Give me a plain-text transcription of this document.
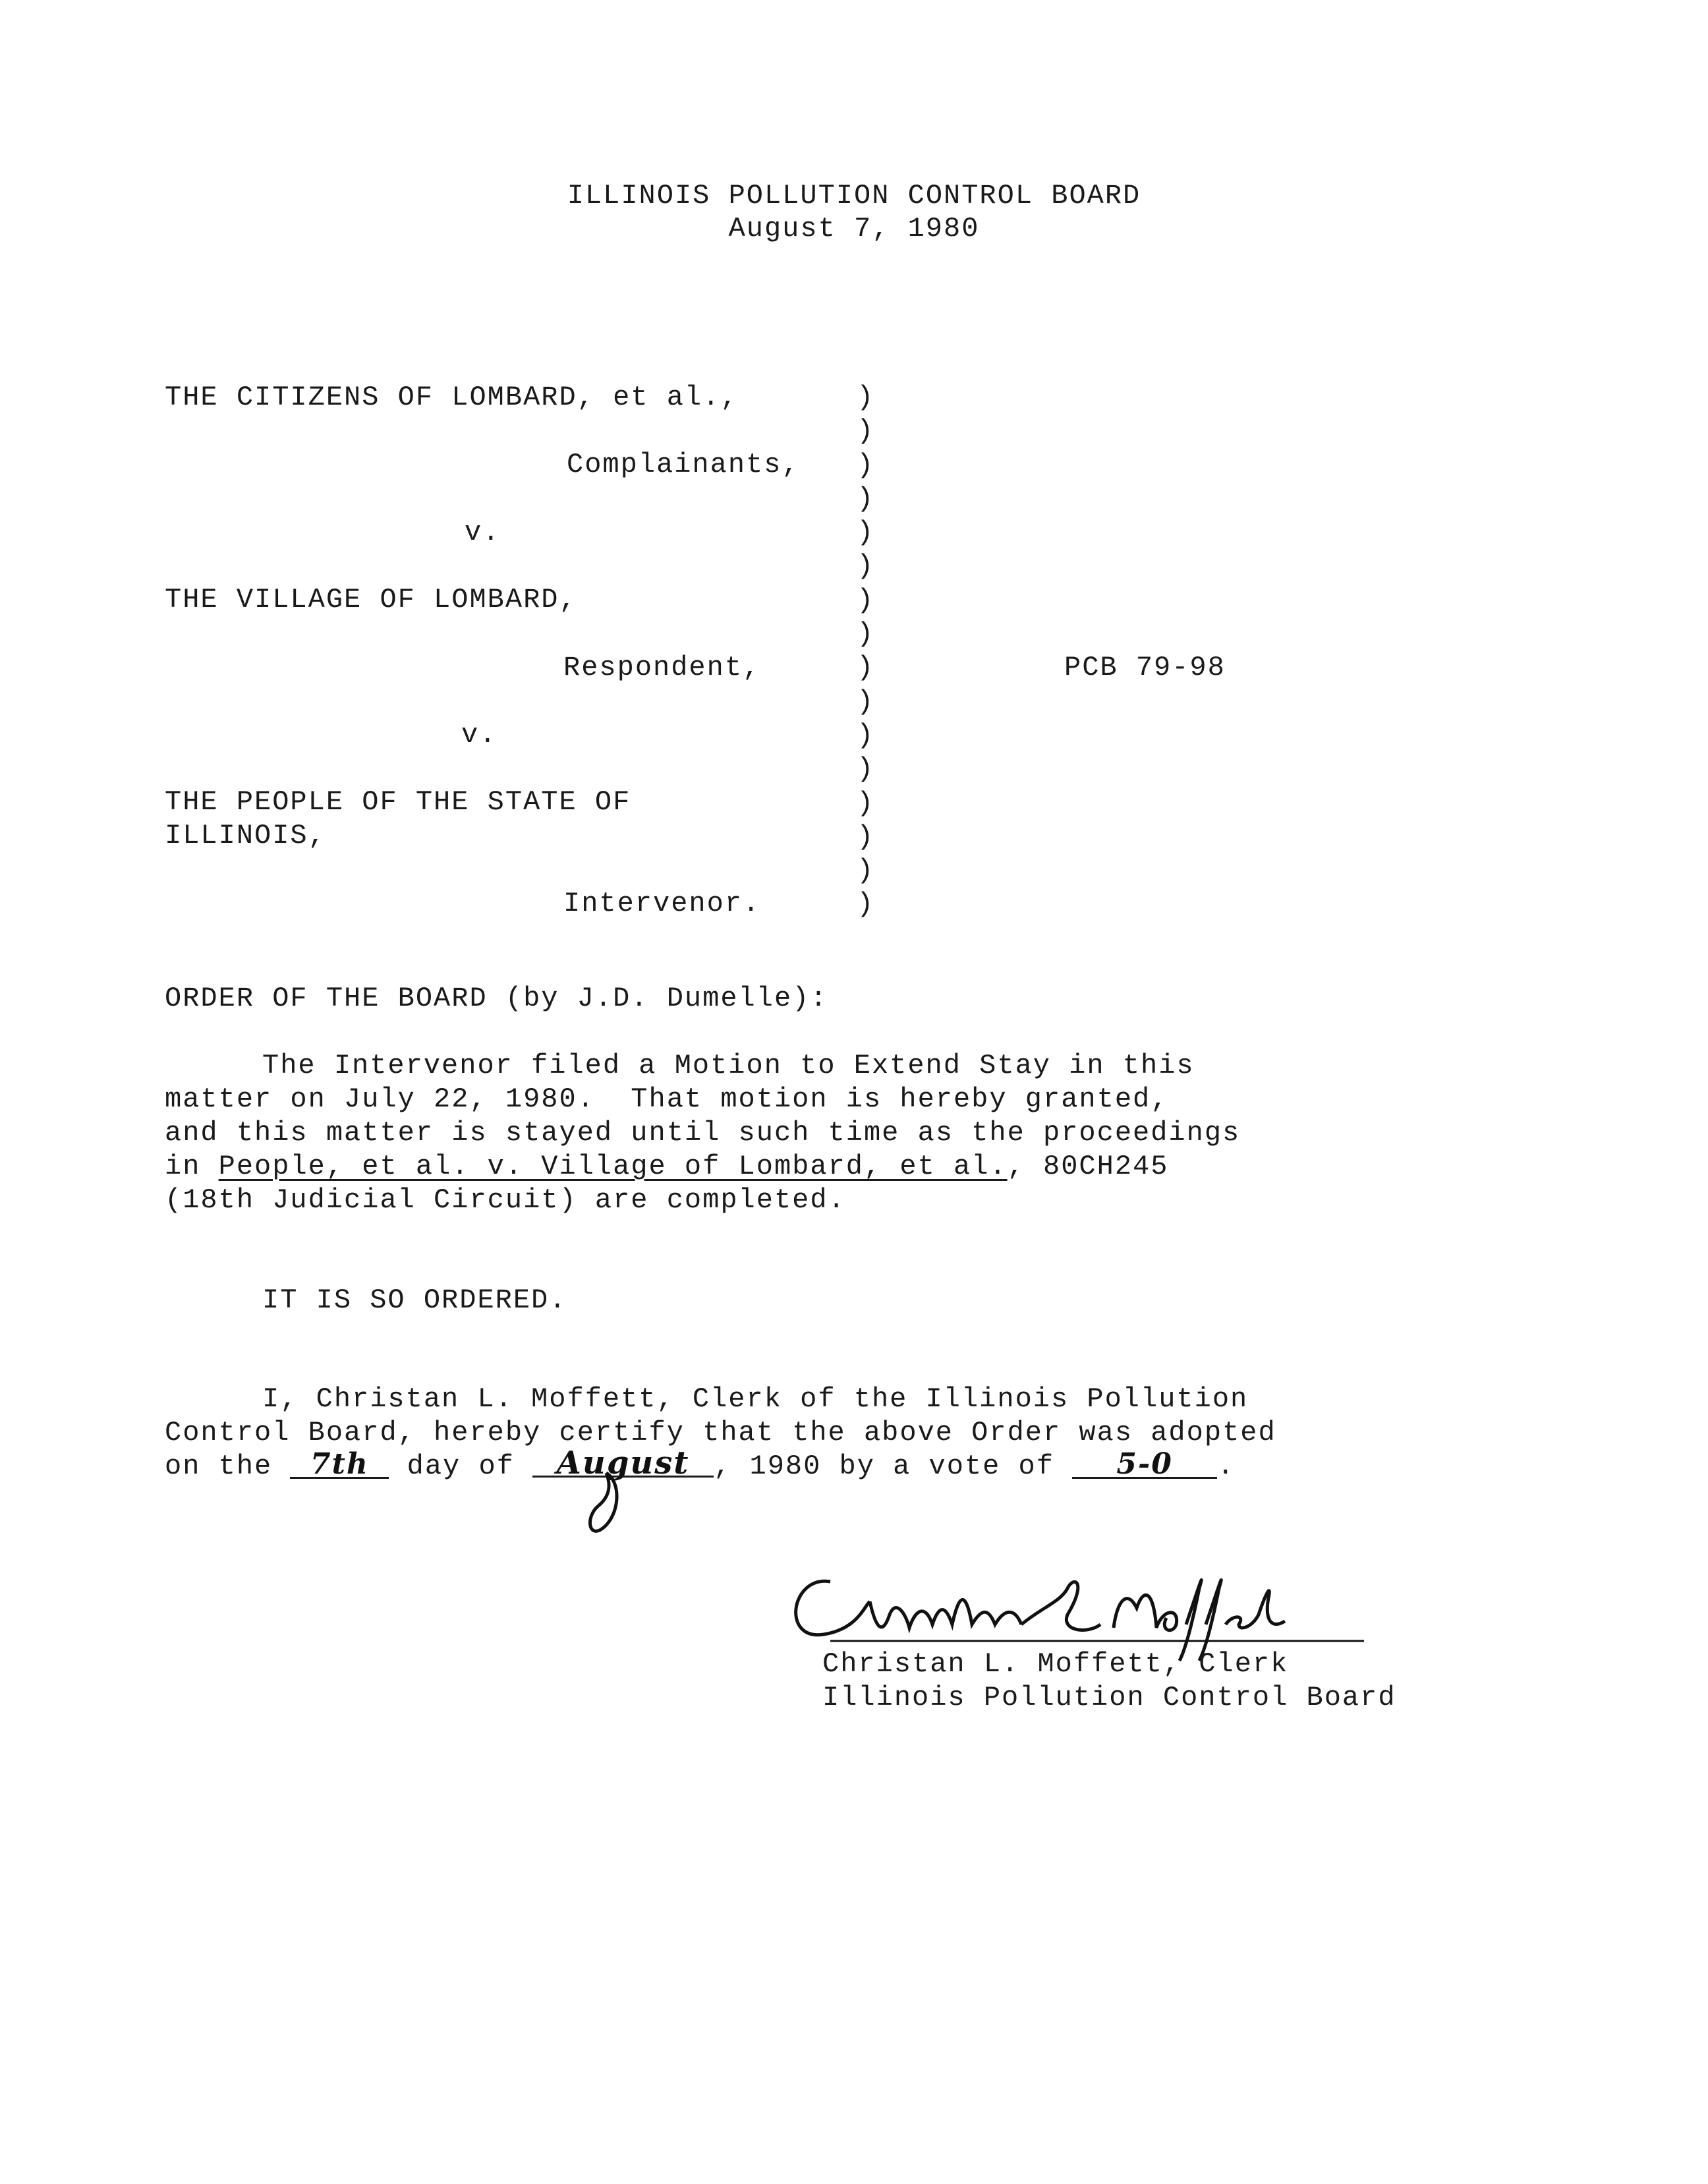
ILLINOIS POLLUTION CONTROL BOARD
August 7, 1980
THE CITIZENS OF LOMBARD, et al.,
Complainants,
v.
THE VILLAGE OF LOMBARD,
Respondent,
v.
THE PEOPLE OF THE STATE OF
ILLINOIS,
Intervenor.
)
)
)
)
)
)
)
)
)
)
)
)
)
)
)
)
PCB 79-98
ORDER OF THE BOARD (by J.D. Dumelle):
The Intervenor filed a Motion to Extend Stay in this
matter on July 22, 1980.  That motion is hereby granted,
and this matter is stayed until such time as the proceedings
in People, et al. v. Village of Lombard, et al., 80CH245
(18th Judicial Circuit) are completed.
IT IS SO ORDERED.
I, Christan L. Moffett, Clerk of the Illinois Pollution
Control Board, hereby certify that the above Order was adopted
on the 7th day of August , 1980 by a vote of 5-0 .
Christan L. Moffett, Clerk
Illinois Pollution Control Board
